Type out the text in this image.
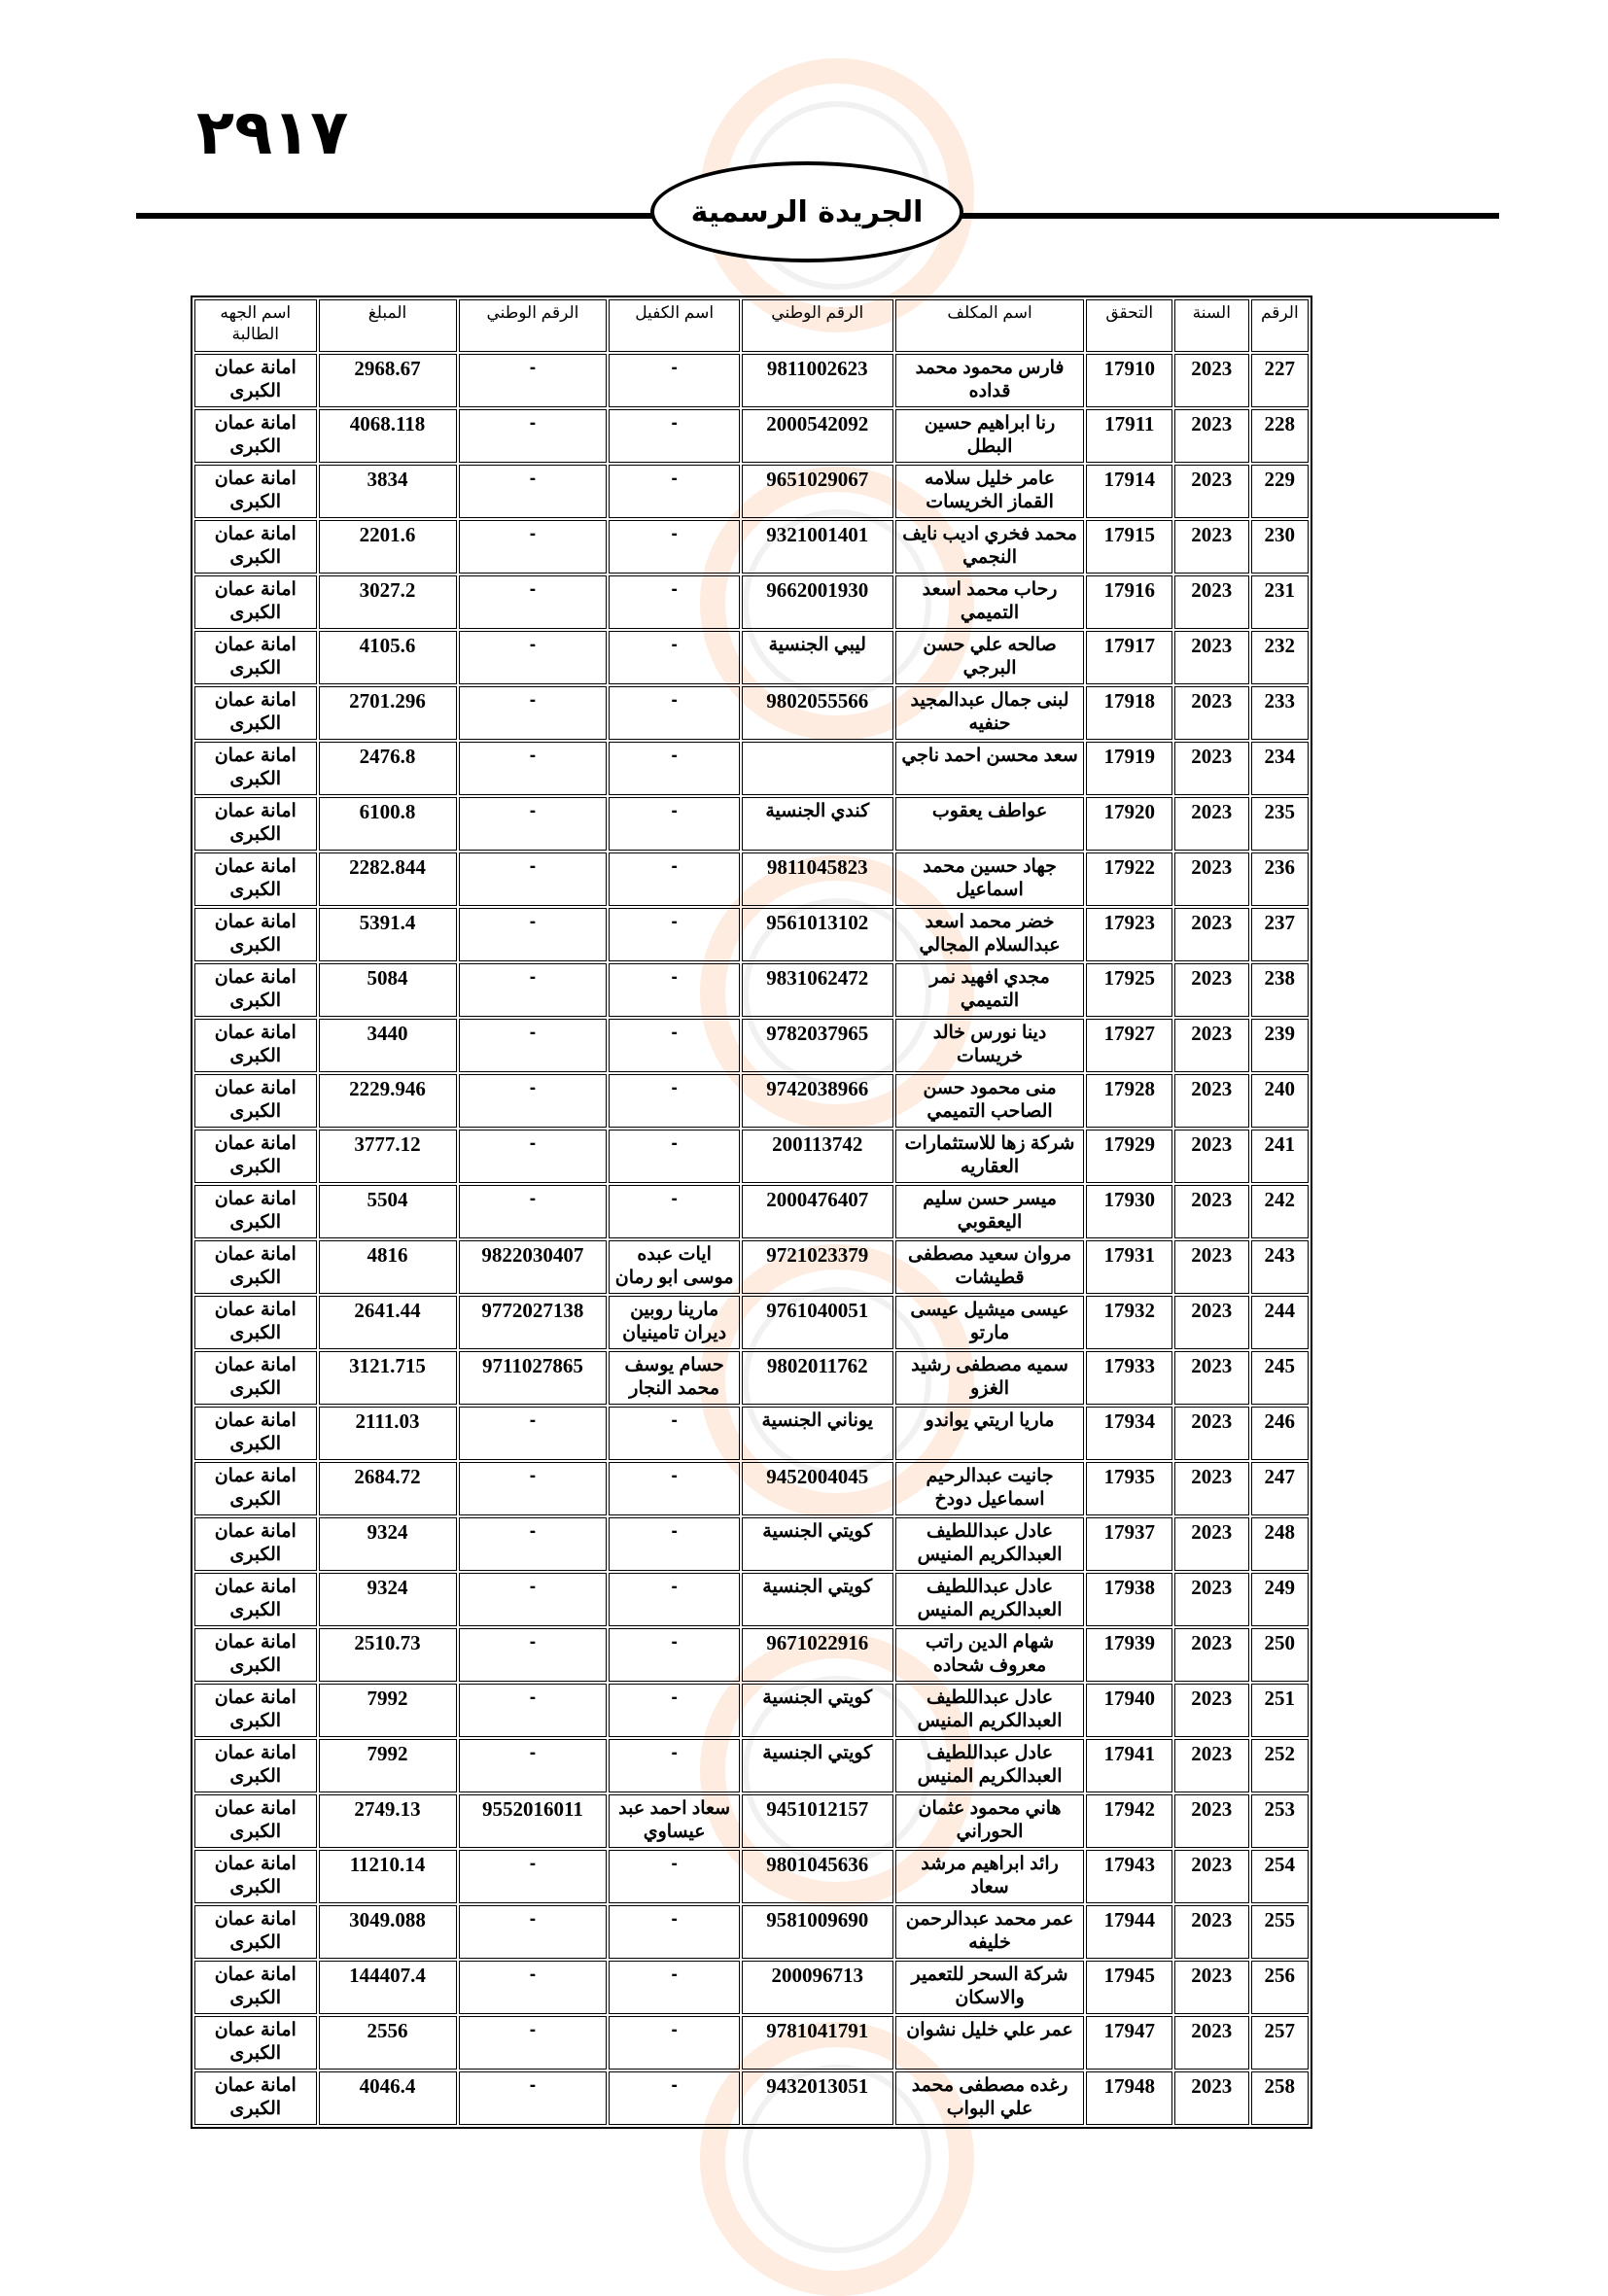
٢٩١٧
الجريدة الرسمية
الرقم	السنة	التحقق	اسم المكلف	الرقم الوطني	اسم الكفيل	الرقم الوطني	المبلغ	اسم الجهه الطالبة
227	2023	17910	فارس محمود محمد قداده	9811002623	-	-	2968.67	امانة عمان الكبرى
228	2023	17911	رنا ابراهيم حسين البطل	2000542092	-	-	4068.118	امانة عمان الكبرى
229	2023	17914	عامر خليل سلامه القماز الخريسات	9651029067	-	-	3834	امانة عمان الكبرى
230	2023	17915	محمد فخري اديب نايف النجمي	9321001401	-	-	2201.6	امانة عمان الكبرى
231	2023	17916	رحاب محمد اسعد التميمي	9662001930	-	-	3027.2	امانة عمان الكبرى
232	2023	17917	صالحه علي حسن البرجي	ليبي الجنسية	-	-	4105.6	امانة عمان الكبرى
233	2023	17918	لبنى جمال عبدالمجيد حنفيه	9802055566	-	-	2701.296	امانة عمان الكبرى
234	2023	17919	سعد محسن احمد ناجي		-	-	2476.8	امانة عمان الكبرى
235	2023	17920	عواطف يعقوب	كندي الجنسية	-	-	6100.8	امانة عمان الكبرى
236	2023	17922	جهاد حسين محمد اسماعيل	9811045823	-	-	2282.844	امانة عمان الكبرى
237	2023	17923	خضر محمد اسعد عبدالسلام المجالي	9561013102	-	-	5391.4	امانة عمان الكبرى
238	2023	17925	مجدي افهيد نمر التميمي	9831062472	-	-	5084	امانة عمان الكبرى
239	2023	17927	دينا نورس خالد خريسات	9782037965	-	-	3440	امانة عمان الكبرى
240	2023	17928	منى محمود حسن الصاحب التميمي	9742038966	-	-	2229.946	امانة عمان الكبرى
241	2023	17929	شركة زها للاستثمارات العقاريه	200113742	-	-	3777.12	امانة عمان الكبرى
242	2023	17930	ميسر حسن سليم اليعقوبي	2000476407	-	-	5504	امانة عمان الكبرى
243	2023	17931	مروان سعيد مصطفى قطيشات	9721023379	ايات عبده موسى ابو رمان	9822030407	4816	امانة عمان الكبرى
244	2023	17932	عيسى ميشيل عيسى مارتو	9761040051	مارينا روبين ديران تامينيان	9772027138	2641.44	امانة عمان الكبرى
245	2023	17933	سميه مصطفى رشيد الغزو	9802011762	حسام يوسف محمد النجار	9711027865	3121.715	امانة عمان الكبرى
246	2023	17934	ماريا اريتي يواندو	يوناني الجنسية	-	-	2111.03	امانة عمان الكبرى
247	2023	17935	جانيت عبدالرحيم اسماعيل دودخ	9452004045	-	-	2684.72	امانة عمان الكبرى
248	2023	17937	عادل عبداللطيف العبدالكريم المنيس	كويتي الجنسية	-	-	9324	امانة عمان الكبرى
249	2023	17938	عادل عبداللطيف العبدالكريم المنيس	كويتي الجنسية	-	-	9324	امانة عمان الكبرى
250	2023	17939	شهام الدين راتب معروف شحاده	9671022916	-	-	2510.73	امانة عمان الكبرى
251	2023	17940	عادل عبداللطيف العبدالكريم المنيس	كويتي الجنسية	-	-	7992	امانة عمان الكبرى
252	2023	17941	عادل عبداللطيف العبدالكريم المنيس	كويتي الجنسية	-	-	7992	امانة عمان الكبرى
253	2023	17942	هاني محمود عثمان الحوراني	9451012157	سعاد احمد عبد عيساوي	9552016011	2749.13	امانة عمان الكبرى
254	2023	17943	رائد ابراهيم مرشد سعاد	9801045636	-	-	11210.14	امانة عمان الكبرى
255	2023	17944	عمر محمد عبدالرحمن خليفه	9581009690	-	-	3049.088	امانة عمان الكبرى
256	2023	17945	شركة السحر للتعمير والاسكان	200096713	-	-	144407.4	امانة عمان الكبرى
257	2023	17947	عمر علي خليل نشوان	9781041791	-	-	2556	امانة عمان الكبرى
258	2023	17948	رغده مصطفى محمد علي البواب	9432013051	-	-	4046.4	امانة عمان الكبرى
